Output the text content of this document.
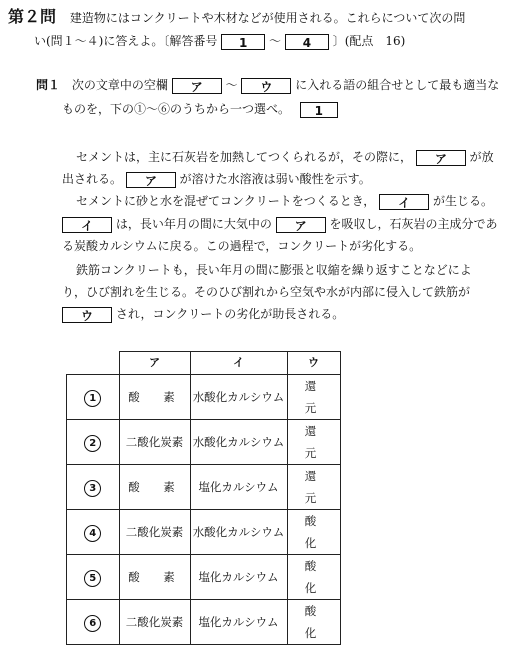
第２問 建造物にはコンクリートや木材などが使用される。これらについて次の問
い(問１～４)に答えよ。〔解答番号 1 ～ 4 〕(配点　16)
問１ 次の文章中の空欄 ア ～ ウ に入れる語の組合せとして最も適当な
ものを，下の①～⑥のうちから一つ選べ。 1
セメントは，主に石灰岩を加熱してつくられるが，その際に， ア が放
出される。 ア が溶けた水溶液は弱い酸性を示す。
セメントに砂と水を混ぜてコンクリートをつくるとき， イ が生じる。
イ は，長い年月の間に大気中の ア を吸収し，石灰岩の主成分であ
る炭酸カルシウムに戻る。この過程で，コンクリートが劣化する。
鉄筋コンクリートも，長い年月の間に膨張と収縮を繰り返すことなどによ
り，ひび割れを生じる。そのひび割れから空気や水が内部に侵入して鉄筋が
ウ され，コンクリートの劣化が助長される。
	ア	イ	ウ
1	酸　素	水酸化カルシウム	還　元
2	二酸化炭素	水酸化カルシウム	還　元
3	酸　素	塩化カルシウム	還　元
4	二酸化炭素	水酸化カルシウム	酸　化
5	酸　素	塩化カルシウム	酸　化
6	二酸化炭素	塩化カルシウム	酸　化
